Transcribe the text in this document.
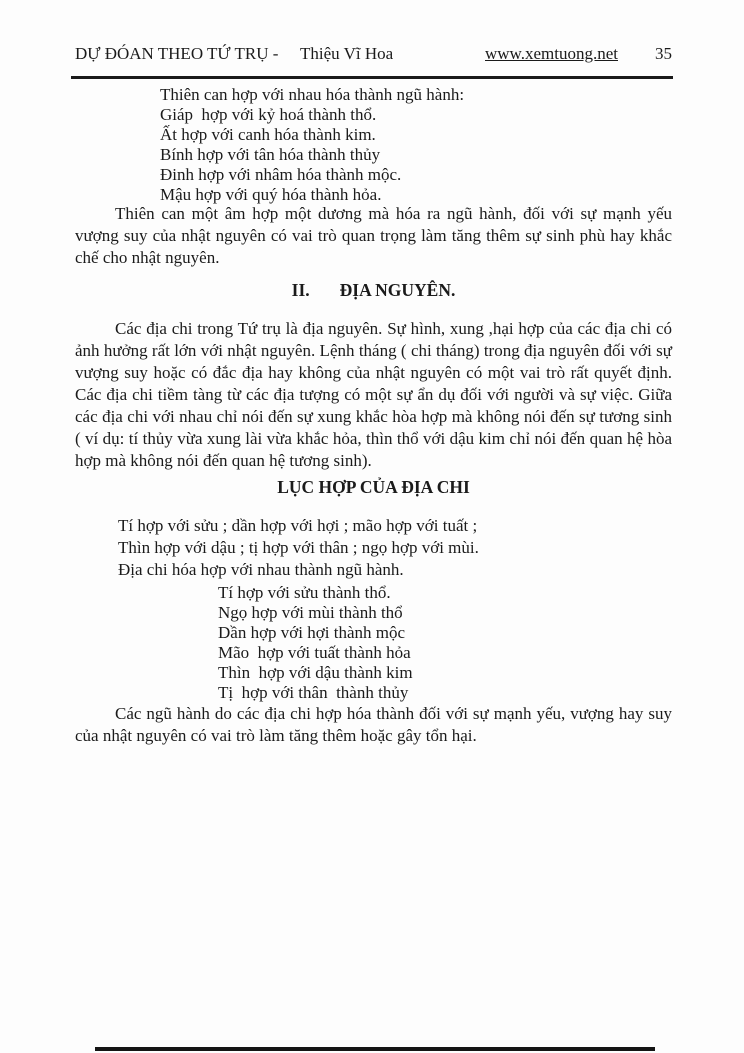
DỰ ĐÓAN THEO TỨ TRỤ - Thiệu Vĩ Hoa	www.xemtuong.net 35
Thiên can hợp với nhau hóa thành ngũ hành:
Giáp  hợp với kỷ hoá thành thổ.
Ất hợp với canh hóa thành kim.
Bính hợp với tân hóa thành thủy
Đinh hợp với nhâm hóa thành mộc.
Mậu hợp với quý hóa thành hỏa.

Thiên can một âm hợp một dương mà hóa ra ngũ hành, đối với sự mạnh yếu vượng suy của nhật nguyên có vai trò quan trọng làm tăng thêm sự sinh phù hay khắc chế cho nhật nguyên.

II. ĐỊA NGUYÊN.

Các địa chi trong Tứ trụ là địa nguyên. Sự hình, xung ,hại hợp của các địa chi có ảnh hưởng rất lớn với nhật nguyên. Lệnh tháng ( chi tháng) trong địa nguyên đối với sự vượng suy hoặc có đắc địa hay không của nhật nguyên có một vai trò rất quyết định. Các địa chi tiềm tàng từ các địa tượng có một sự ẩn dụ đối với người và sự việc. Giữa các địa chi với nhau chỉ nói đến sự xung khắc hòa hợp mà không nói đến sự tương sinh ( ví dụ: tí thủy vừa xung lài vừa khắc hỏa, thìn thổ với dậu kim chỉ nói đến quan hệ hòa hợp mà không nói đến quan hệ tương sinh).

LỤC HỢP CỦA ĐỊA CHI
Tí hợp với sửu ; dần hợp với hợi ; mão hợp với tuất ;
Thìn hợp với dậu ; tị hợp với thân ; ngọ hợp với mùi.
Địa chi hóa hợp với nhau thành ngũ hành.
Tí hợp với sửu thành thổ.
Ngọ hợp với mùi thành thổ
Dần hợp với hợi thành mộc
Mão  hợp với tuất thành hỏa
Thìn  hợp với dậu thành kim
Tị  hợp với thân  thành thủy

Các ngũ hành do các địa chi hợp hóa thành đối với sự mạnh yếu, vượng hay suy của nhật nguyên có vai trò làm tăng thêm hoặc gây tổn hại.
